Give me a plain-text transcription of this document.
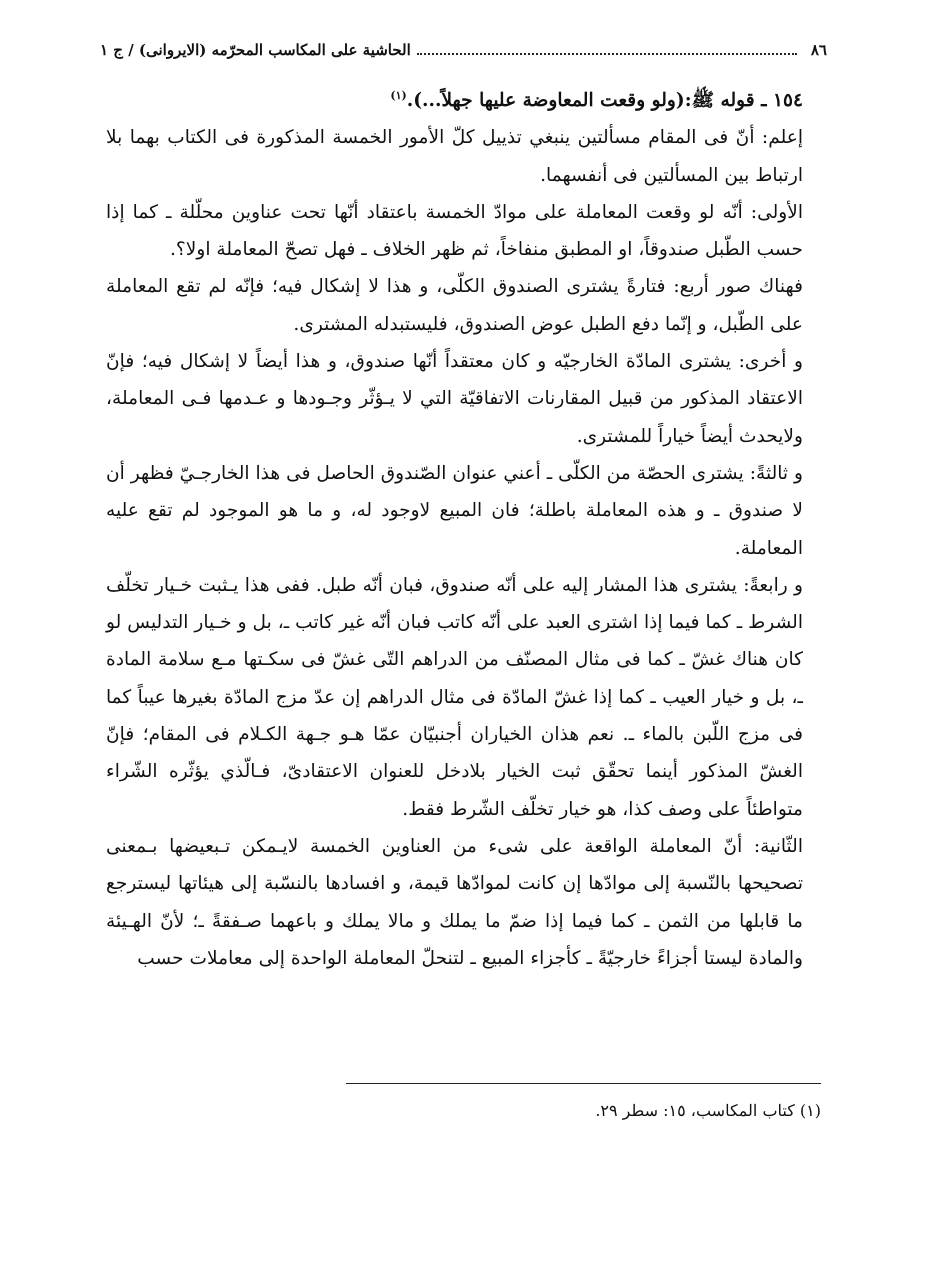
٨٦
الحاشية على المكاسب المحرّمه (الايروانى) / ج ١

١٥٤ ـ قوله ﷺ:(ولو وقعت المعاوضة عليها جهلاً...).$^{(١)}$

إعلم: أنّ فى المقام مسألتين ينبغي تذييل كلّ الأمور الخمسة المذكورة فى الكتاب بهما بلا ارتباط بين المسألتين فى أنفسهما.

الأولى: أنّه لو وقعت المعاملة على موادّ الخمسة باعتقاد أنّها تحت عناوين محلّلة ـ كما إذا حسب الطّبل صندوقاً، او المطبق منفاخاً، ثم ظهر الخلاف ـ فهل تصحّ المعاملة اولا؟.

فهناك صور أربع: فتارةً يشترى الصندوق الكلّى، و هذا لا إشكال فيه؛ فإنّه لم تقع المعاملة على الطّبل، و إنّما دفع الطبل عوض الصندوق، فليستبدله المشترى.

و أخرى: يشترى المادّة الخارجيّه و كان معتقداً أنّها صندوق، و هذا أيضاً لا إشكال فيه؛ فإنّ الاعتقاد المذكور من قبيل المقارنات الاتفاقيّة التي لا يـؤثّر وجـودها و عـدمها فـى المعاملة، ولايحدث أيضاً خياراً للمشترى.

و ثالثةً: يشترى الحصّة من الكلّى ـ أعني عنوان الصّندوق الحاصل فى هذا الخارجـيّ فظهر أن لا صندوق ـ و هذه المعاملة باطلة؛ فان المبيع لاوجود له، و ما هو الموجود لم تقع عليه المعاملة.

و رابعةً: يشترى هذا المشار إليه على أنّه صندوق، فبان أنّه طبل. ففى هذا يـثبت خـيار تخلّف الشرط ـ كما فيما إذا اشترى العبد على أنّه كاتب فبان أنّه غير كاتب ـ، بل و خـيار التدليس لو كان هناك غشّ ـ كما فى مثال المصنّف من الدراهم التّى غشّ فى سكـتها مـع سلامة المادة ـ، بل و خيار العيب ـ كما إذا غشّ المادّة فى مثال الدراهم إن عدّ مزج المادّة بغيرها عيباً كما فى مزج اللّبن بالماء ـ. نعم هذان الخياران أجنبيّان عمّا هـو جـهة الكـلام فى المقام؛ فإنّ الغشّ المذكور أينما تحقّق ثبت الخيار بلادخل للعنوان الاعتقادىّ، فـالّذي يؤثّره الشّراء متواطئاً على وصف كذا، هو خيار تخلّف الشّرط فقط.

الثّانية: أنّ المعاملة الواقعة على شىء من العناوين الخمسة لايـمكن تـبعيضها بـمعنى تصحيحها بالنّسبة إلى موادّها إن كانت لموادّها قيمة، و افسادها بالنسّبة إلى هيئاتها ليسترجع ما قابلها من الثمن ـ كما فيما إذا ضمّ ما يملك و مالا يملك و باعهما صـفقةً ـ؛ لأنّ الهـيئة والمادة ليستا أجزاءً خارجيّةً ـ كأجزاء المبيع ـ لتنحلّ المعاملة الواحدة إلى معاملات حسب

(١) كتاب المكاسب، ١٥: سطر ٢٩.
